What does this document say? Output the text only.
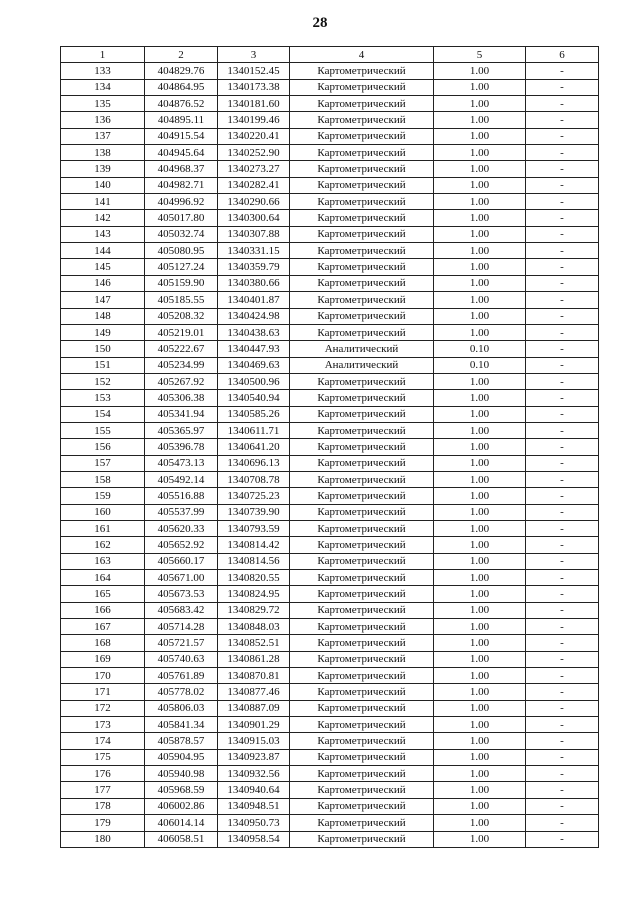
28
1	2	3	4	5	6
133	404829.76	1340152.45	Картометрический	1.00	-
134	404864.95	1340173.38	Картометрический	1.00	-
135	404876.52	1340181.60	Картометрический	1.00	-
136	404895.11	1340199.46	Картометрический	1.00	-
137	404915.54	1340220.41	Картометрический	1.00	-
138	404945.64	1340252.90	Картометрический	1.00	-
139	404968.37	1340273.27	Картометрический	1.00	-
140	404982.71	1340282.41	Картометрический	1.00	-
141	404996.92	1340290.66	Картометрический	1.00	-
142	405017.80	1340300.64	Картометрический	1.00	-
143	405032.74	1340307.88	Картометрический	1.00	-
144	405080.95	1340331.15	Картометрический	1.00	-
145	405127.24	1340359.79	Картометрический	1.00	-
146	405159.90	1340380.66	Картометрический	1.00	-
147	405185.55	1340401.87	Картометрический	1.00	-
148	405208.32	1340424.98	Картометрический	1.00	-
149	405219.01	1340438.63	Картометрический	1.00	-
150	405222.67	1340447.93	Аналитический	0.10	-
151	405234.99	1340469.63	Аналитический	0.10	-
152	405267.92	1340500.96	Картометрический	1.00	-
153	405306.38	1340540.94	Картометрический	1.00	-
154	405341.94	1340585.26	Картометрический	1.00	-
155	405365.97	1340611.71	Картометрический	1.00	-
156	405396.78	1340641.20	Картометрический	1.00	-
157	405473.13	1340696.13	Картометрический	1.00	-
158	405492.14	1340708.78	Картометрический	1.00	-
159	405516.88	1340725.23	Картометрический	1.00	-
160	405537.99	1340739.90	Картометрический	1.00	-
161	405620.33	1340793.59	Картометрический	1.00	-
162	405652.92	1340814.42	Картометрический	1.00	-
163	405660.17	1340814.56	Картометрический	1.00	-
164	405671.00	1340820.55	Картометрический	1.00	-
165	405673.53	1340824.95	Картометрический	1.00	-
166	405683.42	1340829.72	Картометрический	1.00	-
167	405714.28	1340848.03	Картометрический	1.00	-
168	405721.57	1340852.51	Картометрический	1.00	-
169	405740.63	1340861.28	Картометрический	1.00	-
170	405761.89	1340870.81	Картометрический	1.00	-
171	405778.02	1340877.46	Картометрический	1.00	-
172	405806.03	1340887.09	Картометрический	1.00	-
173	405841.34	1340901.29	Картометрический	1.00	-
174	405878.57	1340915.03	Картометрический	1.00	-
175	405904.95	1340923.87	Картометрический	1.00	-
176	405940.98	1340932.56	Картометрический	1.00	-
177	405968.59	1340940.64	Картометрический	1.00	-
178	406002.86	1340948.51	Картометрический	1.00	-
179	406014.14	1340950.73	Картометрический	1.00	-
180	406058.51	1340958.54	Картометрический	1.00	-
